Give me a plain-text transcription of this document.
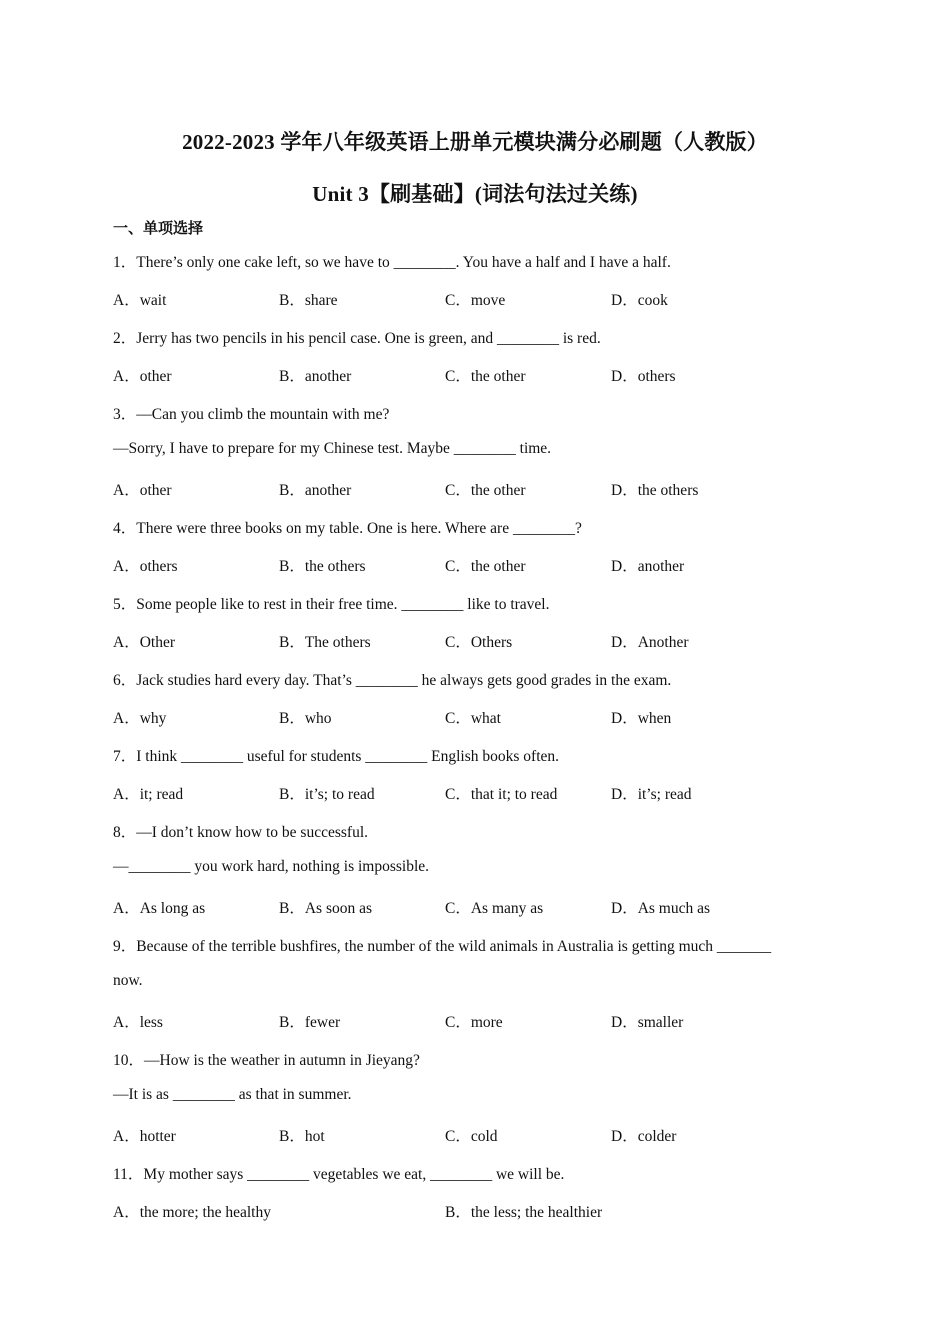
2022-2023 学年八年级英语上册单元模块满分必刷题（人教版）
Unit 3【刷基础】(词法句法过关练)
一、单项选择
1．There’s only one cake left, so we have to ________. You have a half and I have a half.
A．wait	B．share	C．move	D．cook
2．Jerry has two pencils in his pencil case. One is green, and ________ is red.
A．other	B．another	C．the other	D．others
3．—Can you climb the mountain with me?
—Sorry, I have to prepare for my Chinese test. Maybe ________ time.
A．other	B．another	C．the other	D．the others
4．There were three books on my table. One is here. Where are ________?
A．others	B．the others	C．the other	D．another
5．Some people like to rest in their free time. ________ like to travel.
A．Other	B．The others	C．Others	D．Another
6．Jack studies hard every day. That’s ________ he always gets good grades in the exam.
A．why	B．who	C．what	D．when
7．I think ________ useful for students ________ English books often.
A．it; read	B．it’s; to read	C．that it; to read	D．it’s; read
8．—I don’t know how to be successful.
—________ you work hard, nothing is impossible.
A．As long as	B．As soon as	C．As many as	D．As much as
9．Because of the terrible bushfires, the number of the wild animals in Australia is getting much _______
now.
A．less	B．fewer	C．more	D．smaller
10．—How is the weather in autumn in Jieyang?
—It is as ________ as that in summer.
A．hotter	B．hot	C．cold	D．colder
11．My mother says ________ vegetables we eat, ________ we will be.
A．the more; the healthy	B．the less; the healthier
